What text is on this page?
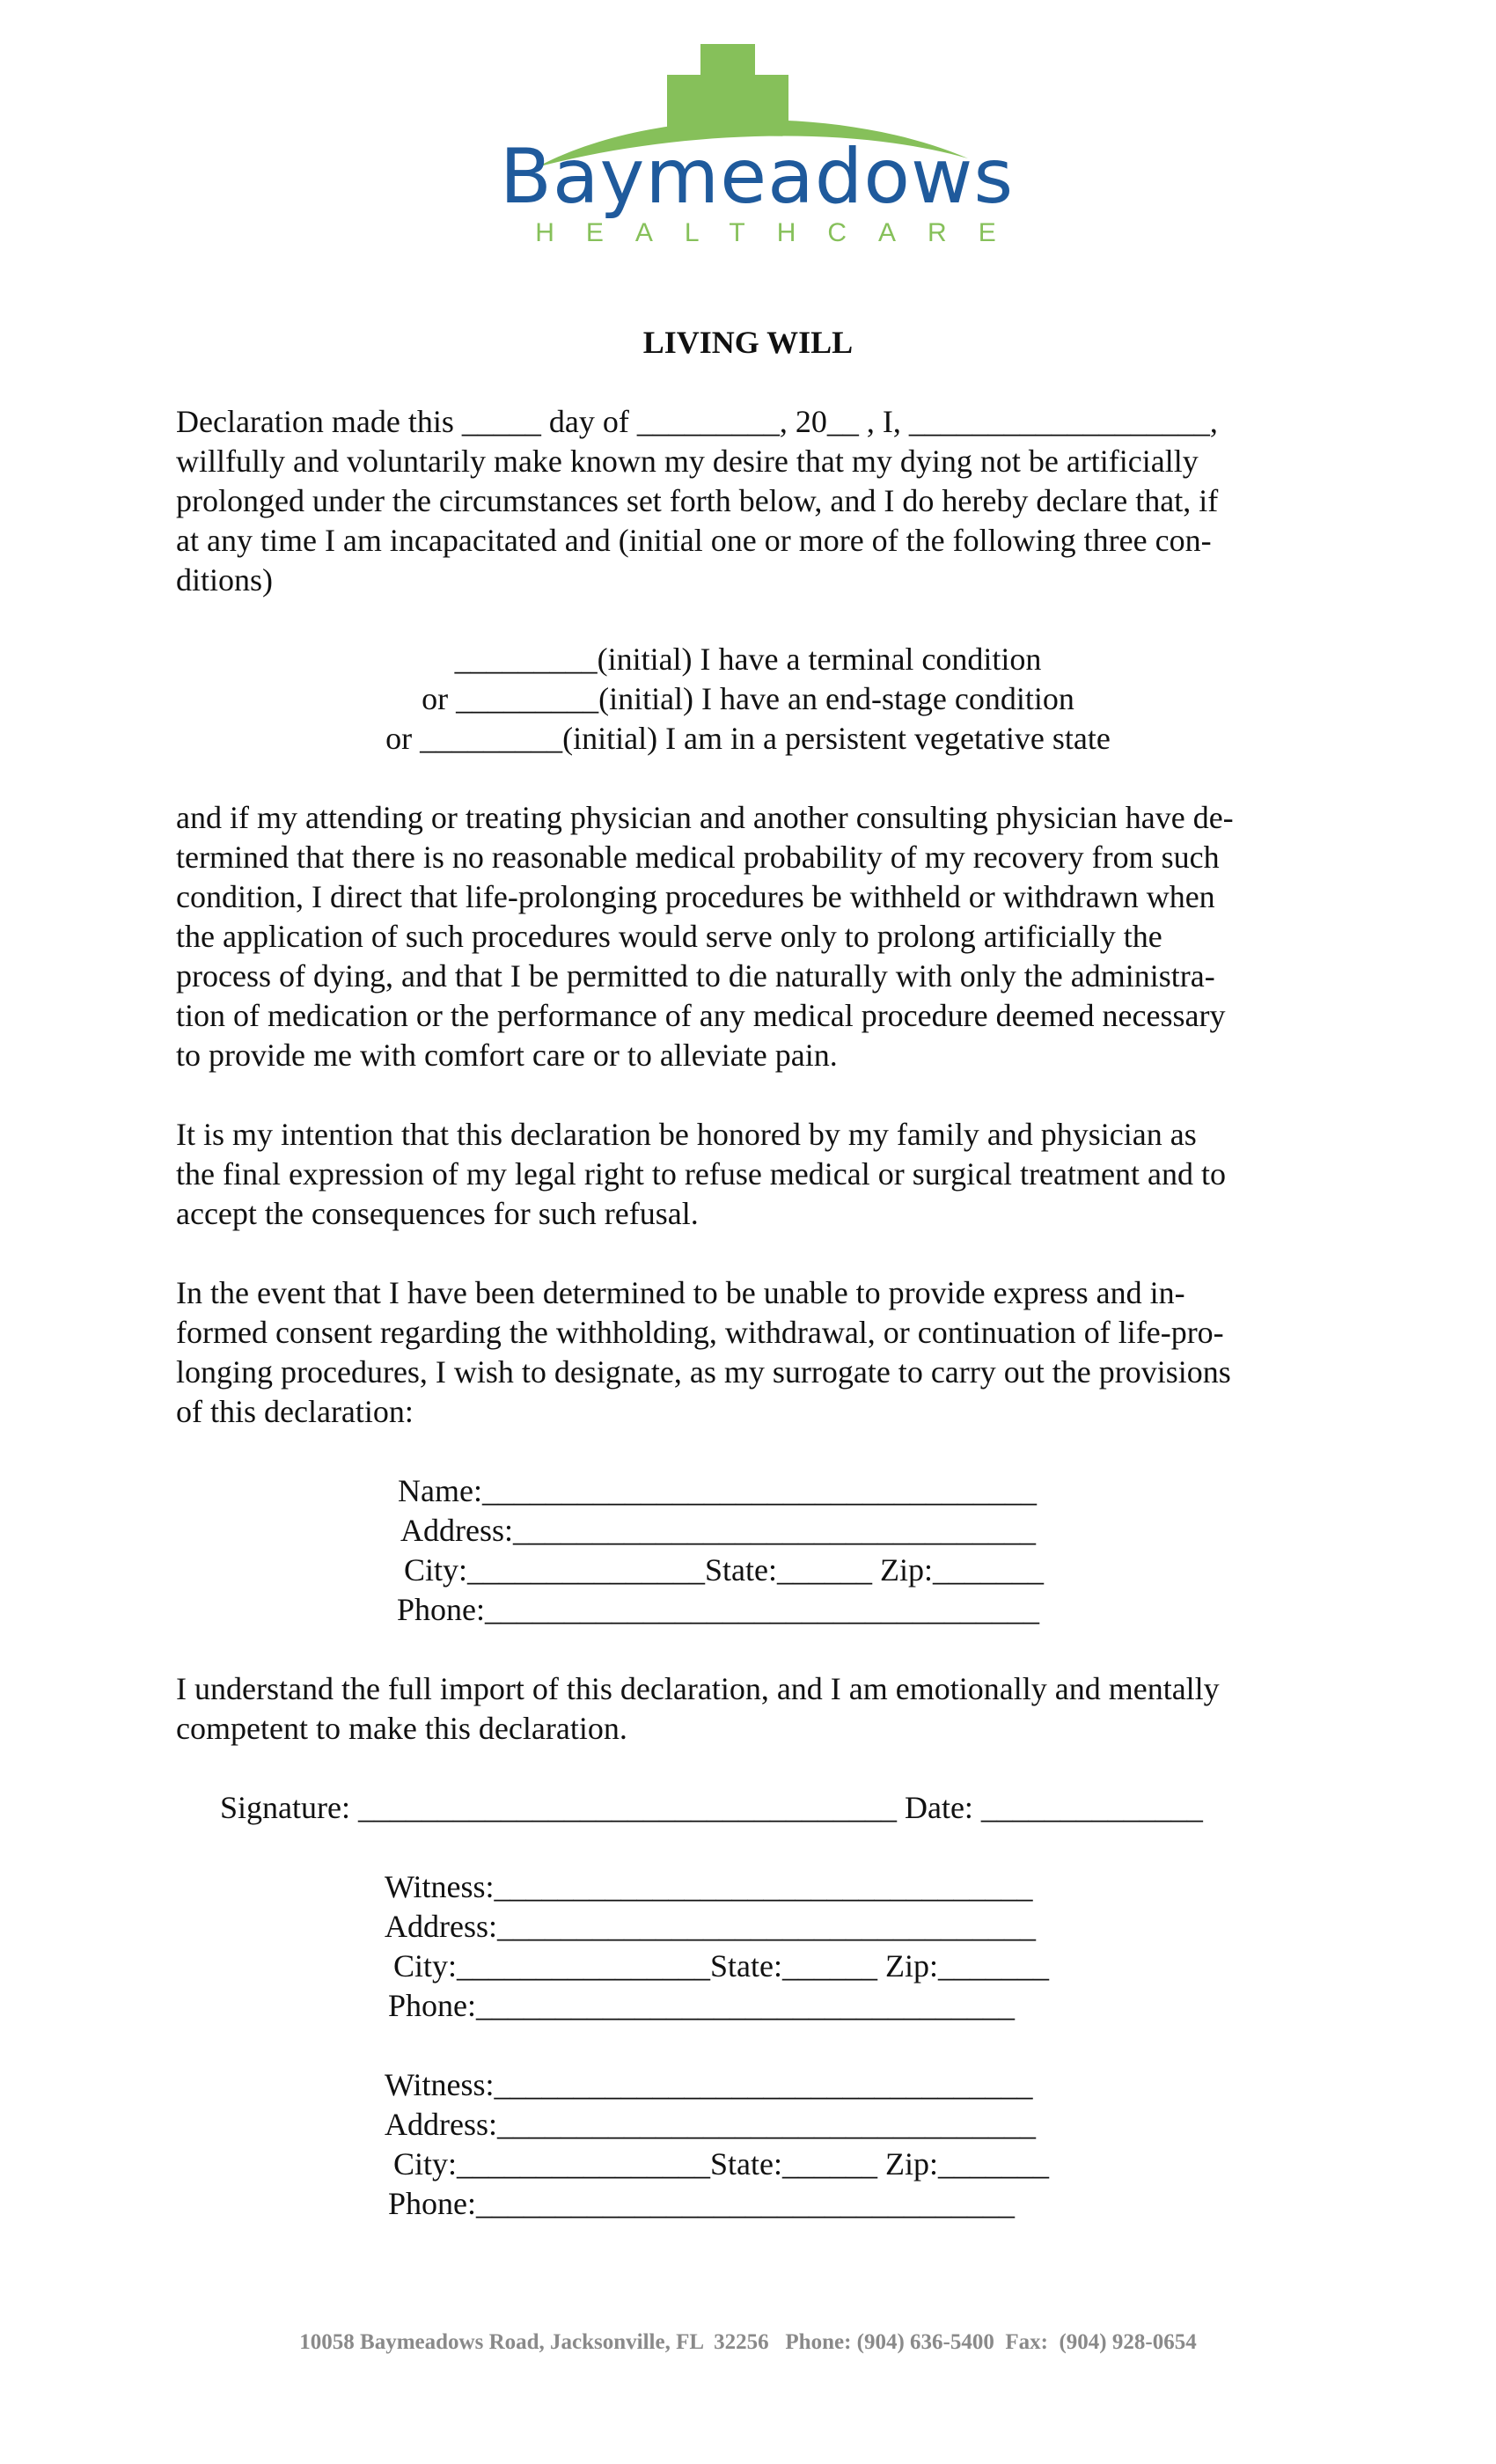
Baymeadows
HEALTHCARE
LIVING WILL
Declaration made this _____ day of _________, 20__ , I, ___________________,
willfully and voluntarily make known my desire that my dying not be artificially
prolonged under the circumstances set forth below, and I do hereby declare that, if
at any time I am incapacitated and (initial one or more of the following three con-
ditions)
_________(initial) I have a terminal condition
or _________(initial) I have an end-stage condition
or _________(initial) I am in a persistent vegetative state
and if my attending or treating physician and another consulting physician have de-
termined that there is no reasonable medical probability of my recovery from such
condition, I direct that life-prolonging procedures be withheld or withdrawn when
the application of such procedures would serve only to prolong artificially the
process of dying, and that I be permitted to die naturally with only the administra-
tion of medication or the performance of any medical procedure deemed necessary
to provide me with comfort care or to alleviate pain.
It is my intention that this declaration be honored by my family and physician as
the final expression of my legal right to refuse medical or surgical treatment and to
accept the consequences for such refusal.
In the event that I have been determined to be unable to provide express and in-
formed consent regarding the withholding, withdrawal, or continuation of life-pro-
longing procedures, I wish to designate, as my surrogate to carry out the provisions
of this declaration:
Name:___________________________________
Address:_________________________________
City:_______________State:______ Zip:_______
Phone:___________________________________
I understand the full import of this declaration, and I am emotionally and mentally
competent to make this declaration.
Signature: __________________________________ Date: ______________
Witness:__________________________________
Address:__________________________________
City:________________State:______ Zip:_______
Phone:__________________________________
Witness:__________________________________
Address:__________________________________
City:________________State:______ Zip:_______
Phone:__________________________________
10058 Baymeadows Road, Jacksonville, FL  32256   Phone: (904) 636-5400  Fax:  (904) 928-0654
